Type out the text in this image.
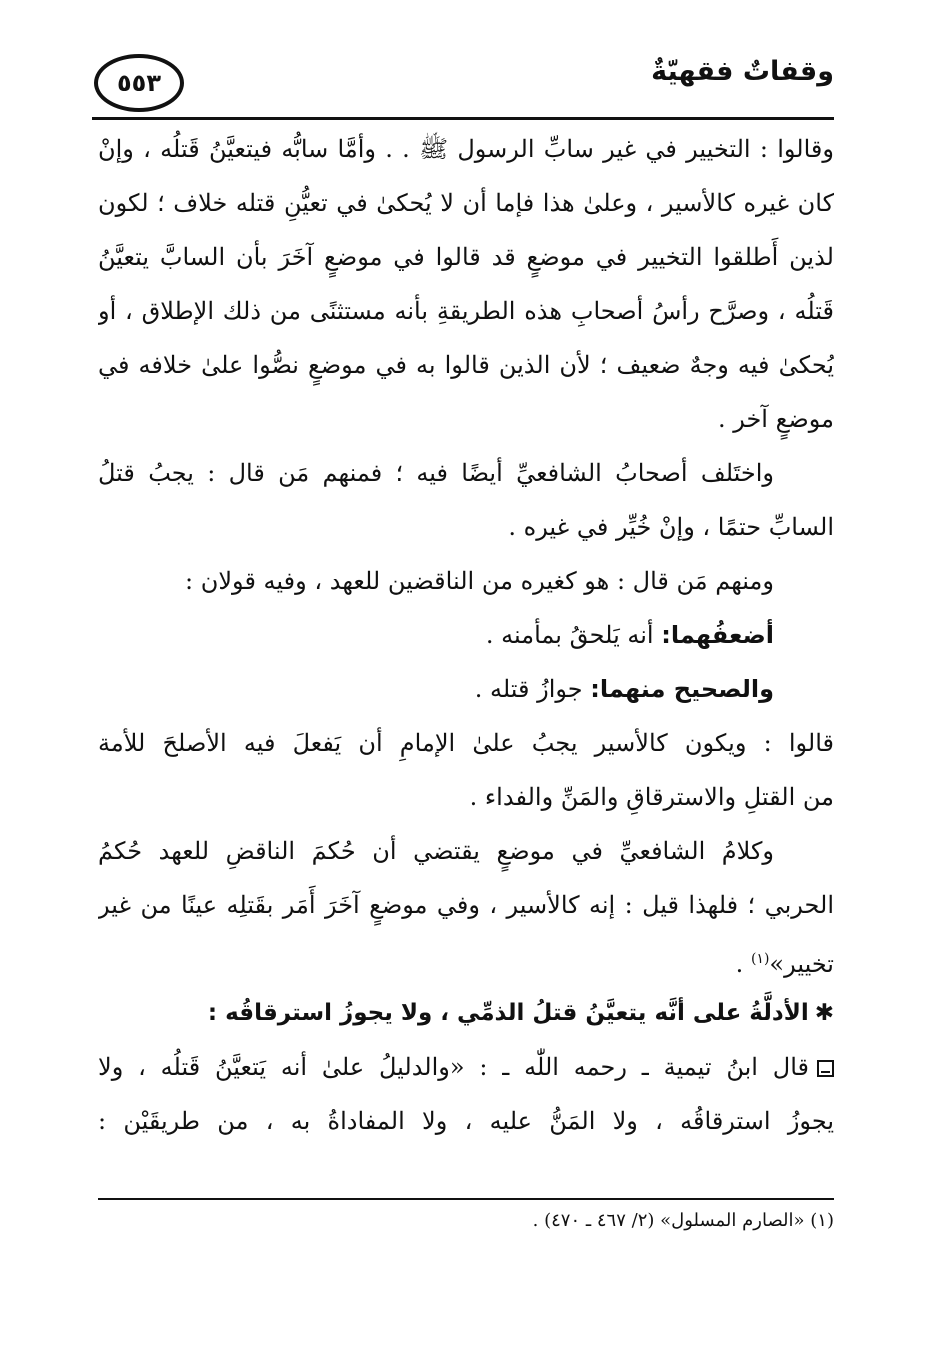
٥٥٣	وقفاتٌ فقهيّةٌ
وقالوا : التخيير في غير سابِّ الرسول ﷺ . . وأمَّا سابُّه فيتعيَّنُ قَتلُه ، وإنْ
كان غيره كالأسير ، وعلىٰ هذا فإما أن لا يُحكىٰ في تعيُّنِ قتله خلاف ؛ لكون
لذين أَطلقوا التخيير في موضعٍ قد قالوا في موضعٍ آخَرَ بأن السابَّ يتعيَّنُ
قَتلُه ، وصرَّح رأسُ أصحابِ هذه الطريقةِ بأنه مستثنًى من ذلك الإطلاق ، أو
يُحكىٰ فيه وجهٌ ضعيف ؛ لأن الذين قالوا به في موضعٍ نصُّوا علىٰ خلافه في
موضعٍ آخر .
واختَلف أصحابُ الشافعيِّ أيضًا فيه ؛ فمنهم مَن قال : يجبُ قتلُ
السابِّ حتمًا ، وإنْ خُيِّر في غيره .
ومنهم مَن قال : هو كغيره من الناقضين للعهد ، وفيه قولان :
أضعفُهما: أنه يَلحقُ بمأمنه .
والصحيح منهما: جوازُ قتله .
قالوا : ويكون كالأسير يجبُ علىٰ الإمامِ أن يَفعلَ فيه الأصلحَ للأمة
من القتلِ والاسترقاقِ والمَنِّ والفداء .
وكلامُ الشافعيِّ في موضعٍ يقتضي أن حُكمَ الناقضِ للعهد حُكمُ
الحربي ؛ فلهذا قيل : إنه كالأسير ، وفي موضعٍ آخَرَ أَمَر بقَتلِه عينًا من غير
تخيير»$^{(١)}$ .
✱الأدلَّةُ على أنَّه يتعيَّنُ قتلُ الذمِّي ، ولا يجوزُ استرقاقُه :
قال ابنُ تيمية ـ رحمه اللّٰه ـ : «والدليلُ علىٰ أنه يَتعيَّنُ قَتلُه ، ولا
يجوزُ استرقاقُه ، ولا المَنُّ عليه ، ولا المفاداةُ به ، من طريقَيْن :
(١) «الصارم المسلول» (٢/ ٤٦٧ ـ ٤٧٠) .
